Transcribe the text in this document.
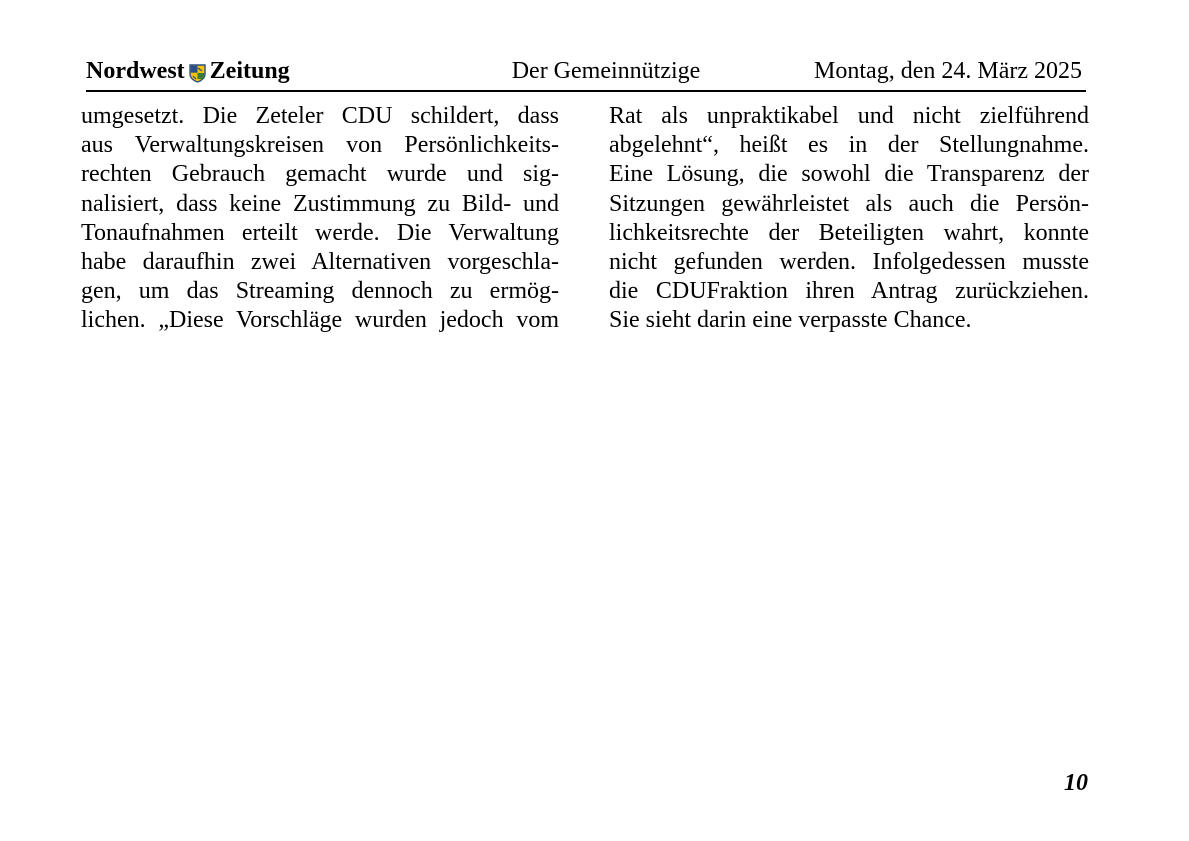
Der Gemeinnützige
Nordwest Zeitung	Montag, den 24. März 2025
umgesetzt. Die Zeteler CDU schildert, dass
aus Verwaltungskreisen von Persönlichkeits-
rechten Gebrauch gemacht wurde und sig-
nalisiert, dass keine Zustimmung zu Bild- und
Tonaufnahmen erteilt werde. Die Verwaltung
habe daraufhin zwei Alternativen vorgeschla-
gen, um das Streaming dennoch zu ermög-
lichen. „Diese Vorschläge wurden jedoch vom
Rat als unpraktikabel und nicht zielführend
abgelehnt“, heißt es in der Stellungnahme.
Eine Lösung, die sowohl die Transparenz der
Sitzungen gewährleistet als auch die Persön-
lichkeitsrechte der Beteiligten wahrt, konnte
nicht gefunden werden. Infolgedessen musste
die CDUFraktion ihren Antrag zurückziehen.
Sie sieht darin eine verpasste Chance.
10
